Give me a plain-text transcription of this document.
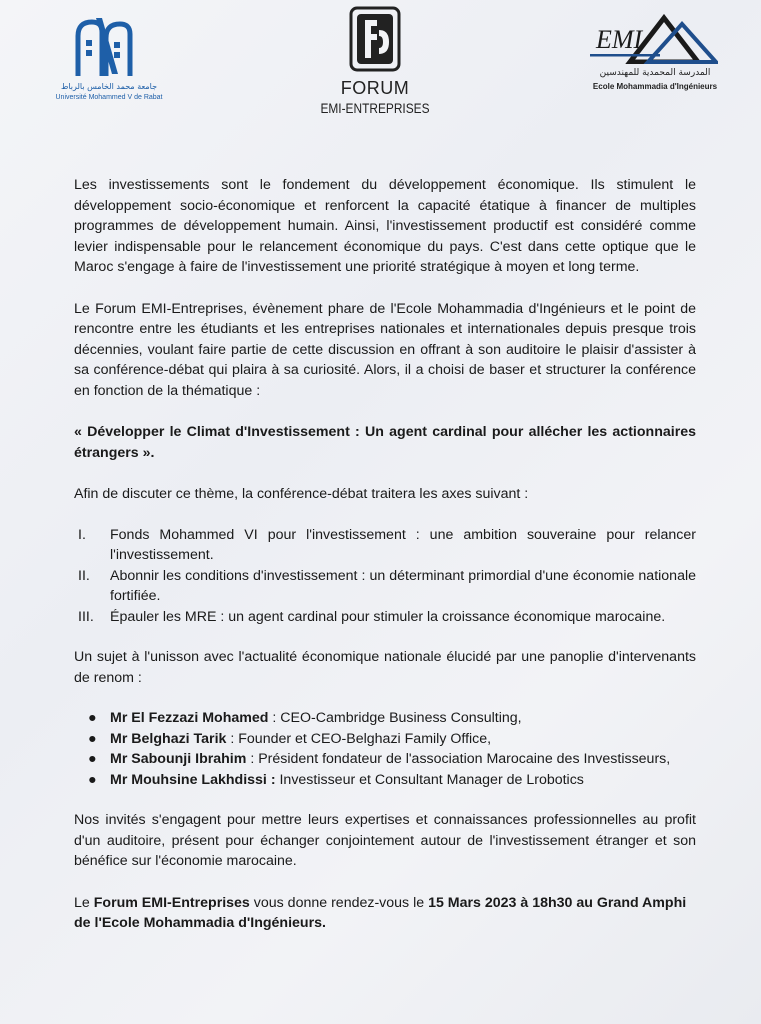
جامعة محمد الخامس بالرباط
Université Mohammed V de Rabat	FORUM
EMI-ENTREPRISES
EMI
المدرسة المحمدية للمهندسين
Ecole Mohammadia d'Ingénieurs

Les investissements sont le fondement du développement économique. Ils stimulent le développement socio-économique et renforcent la capacité étatique à financer de multiples programmes de développement humain. Ainsi, l'investissement productif est considéré comme levier indispensable pour le relancement économique du pays. C'est dans cette optique que le Maroc s'engage à faire de l'investissement une priorité stratégique à moyen et long terme.

Le Forum EMI-Entreprises, évènement phare de l'Ecole Mohammadia d'Ingénieurs et le point de rencontre entre les étudiants et les entreprises nationales et internationales depuis presque trois décennies, voulant faire partie de cette discussion en offrant à son auditoire le plaisir d'assister à sa conférence-débat qui plaira à sa curiosité. Alors, il a choisi de baser et structurer la conférence en fonction de la thématique :

« Développer le Climat d'Investissement : Un agent cardinal pour allécher les actionnaires étrangers ».

Afin de discuter ce thème, la conférence-débat traitera les axes suivant :

I. Fonds Mohammed VI pour l'investissement : une ambition souveraine pour relancer l'investissement.
II. Abonnir les conditions d'investissement : un déterminant primordial d'une économie nationale fortifiée.
III. Épauler les MRE : un agent cardinal pour stimuler la croissance économique marocaine.

Un sujet à l'unisson avec l'actualité économique nationale élucidé par une panoplie d'intervenants de renom :

● Mr El Fezzazi Mohamed : CEO-Cambridge Business Consulting,
● Mr Belghazi Tarik : Founder et CEO-Belghazi Family Office,
● Mr Sabounji Ibrahim : Président fondateur de l'association Marocaine des Investisseurs,
● Mr Mouhsine Lakhdissi : Investisseur et Consultant Manager de Lrobotics

Nos invités s'engagent pour mettre leurs expertises et connaissances professionnelles au profit d'un auditoire, présent pour échanger conjointement autour de l'investissement étranger et son bénéfice sur l'économie marocaine.

Le Forum EMI-Entreprises vous donne rendez-vous le 15 Mars 2023 à 18h30 au Grand Amphi de l'Ecole Mohammadia d'Ingénieurs.
